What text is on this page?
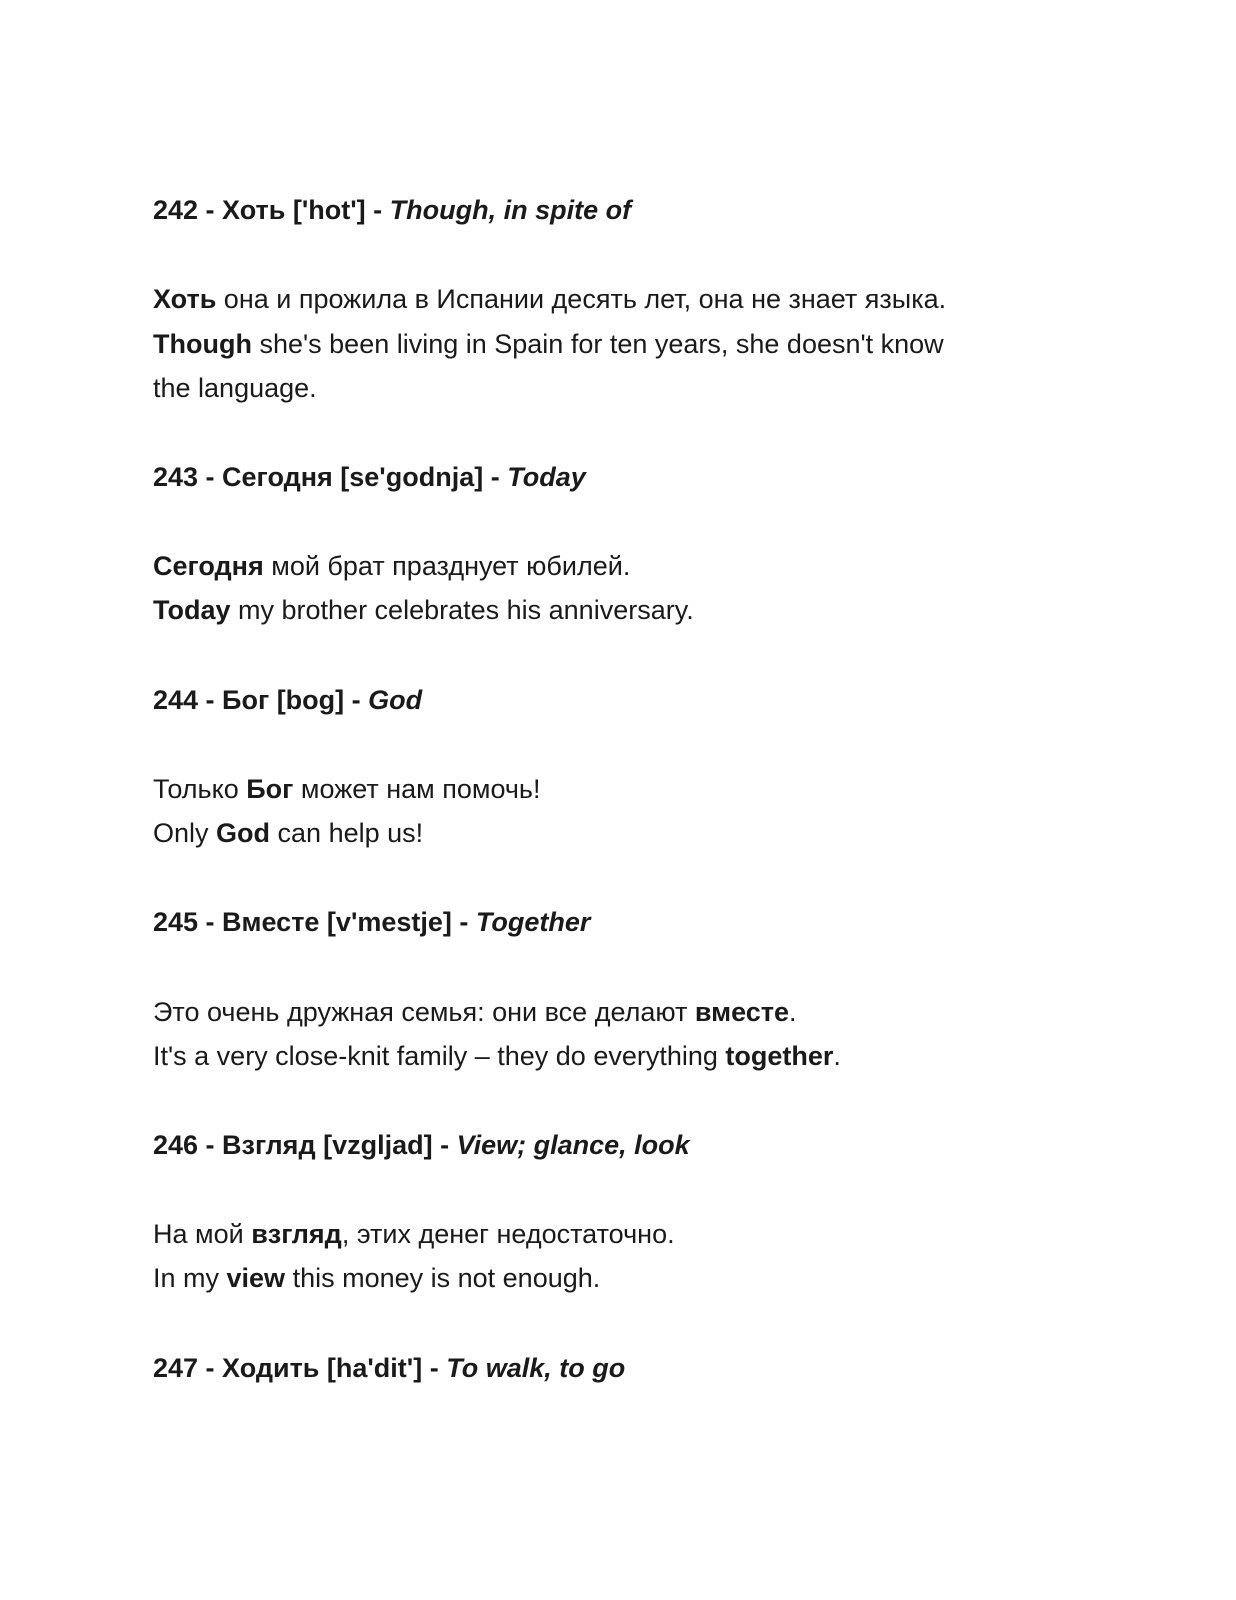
242 - Хоть ['hot'] - Though, in spite of
Хоть она и прожила в Испании десять лет, она не знает языка.
Though she's been living in Spain for ten years, she doesn't know
the language.
243 - Сегодня [se'godnja] - Today
Сегодня мой брат празднует юбилей.
Today my brother celebrates his anniversary.
244 - Бог [bog] - God
Только Бог может нам помочь!
Only God can help us!
245 - Вместе [v'mestje] - Together
Это очень дружная семья: они все делают вместе.
It's a very close-knit family – they do everything together.
246 - Взгляд [vzgljad] - View; glance, look
На мой взгляд, этих денег недостаточно.
In my view this money is not enough.
247 - Ходить [ha'dit'] - To walk, to go
